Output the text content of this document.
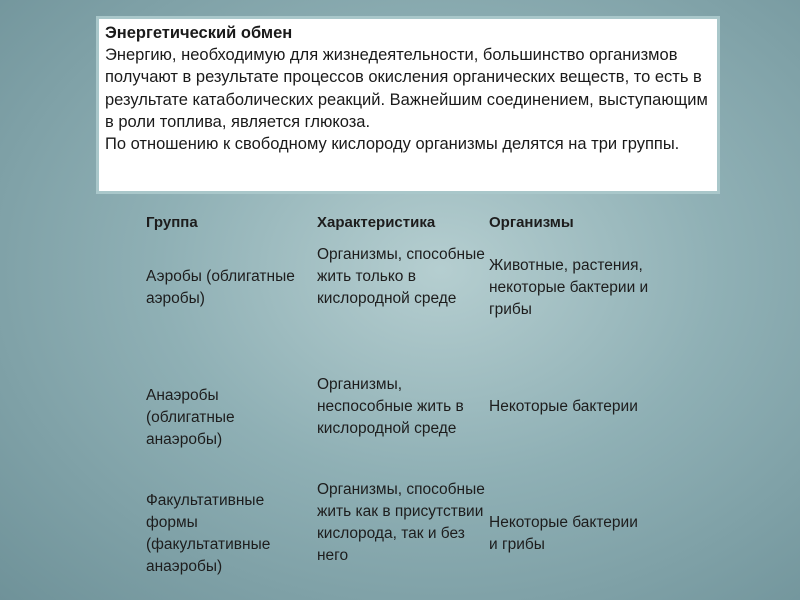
Энергетический обмен
Энергию, необходимую для жизнедеятельности, большинство организмов получают в результате процессов окисления органических веществ, то есть в результате катаболических реакций. Важнейшим соединением, выступающим в роли топлива, является глюкоза.
По отношению к свободному кислороду организмы делятся на три группы.
Группа	Характеристика	Организмы
Аэробы (облигатные аэробы)
Организмы, способные жить только в кислородной среде
Животные, растения, некоторые бактерии и грибы
Анаэробы (облигатные анаэробы)
Организмы, неспособные жить в кислородной среде
Некоторые бактерии
Факультативные формы (факультативные анаэробы)
Организмы, способные жить как в присутствии кислорода, так и без него
Некоторые бактерии и грибы
